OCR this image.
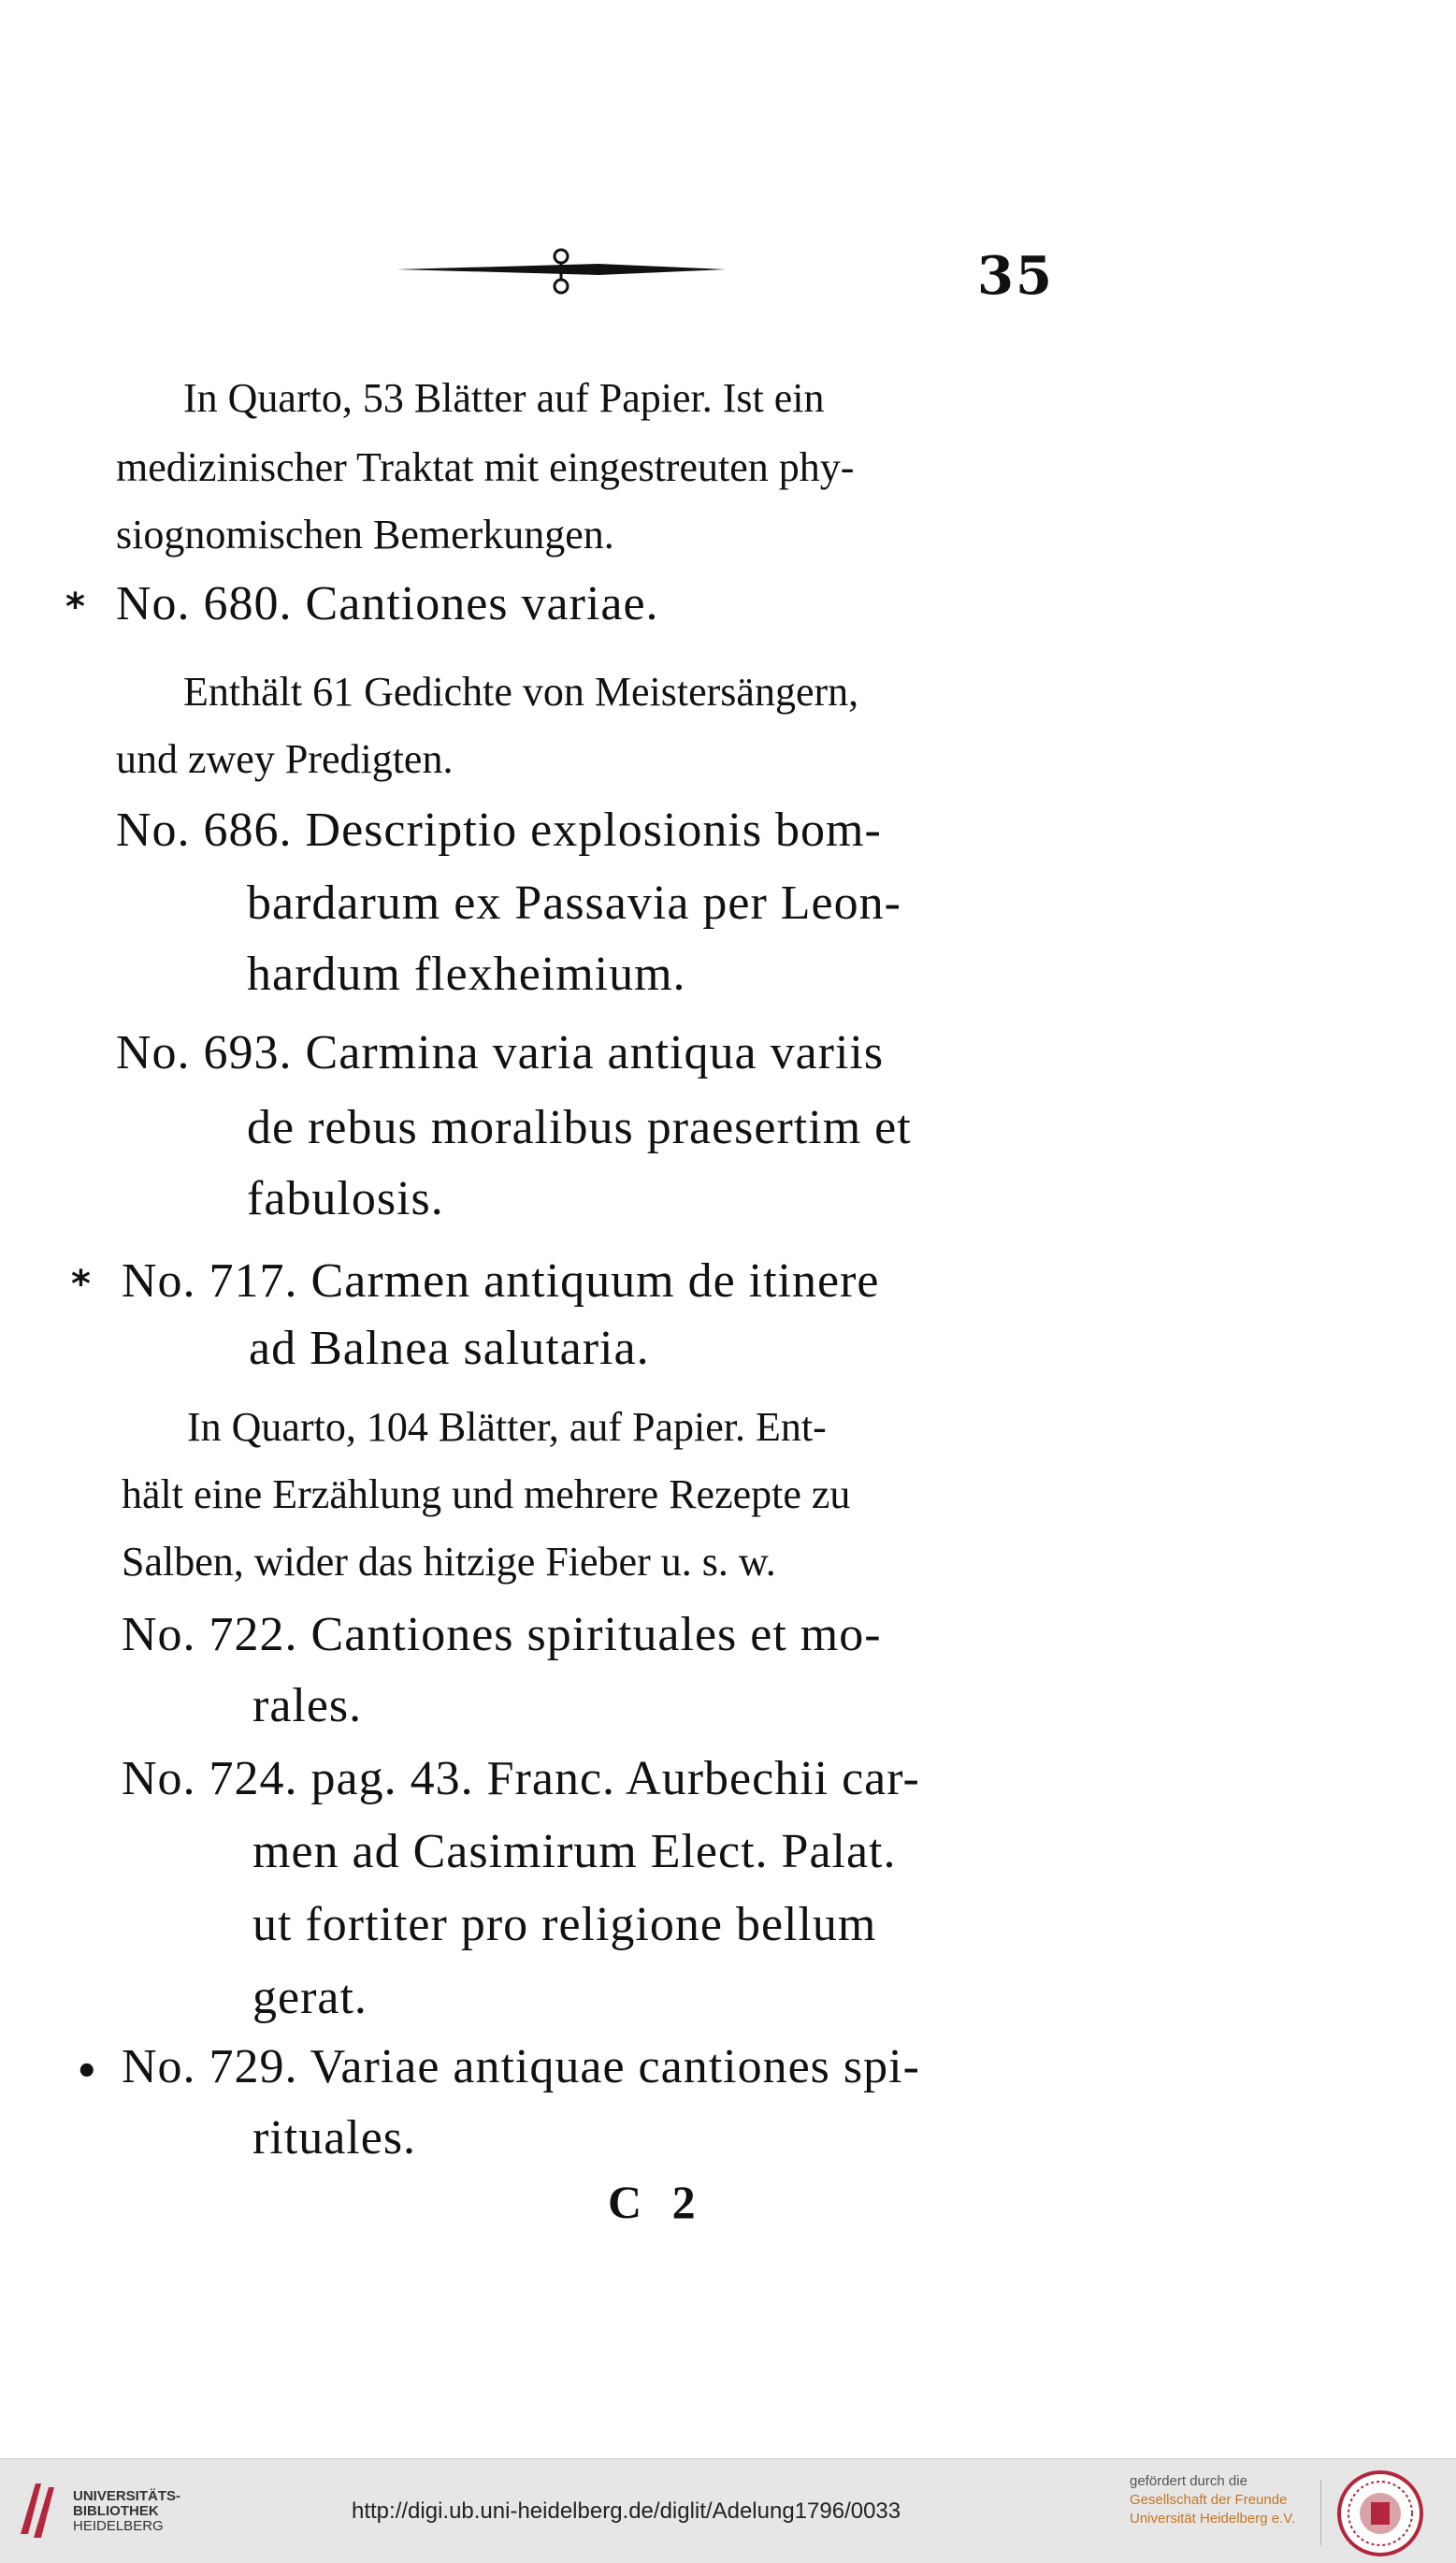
35
In Quarto, 53 Blätter auf Papier. Ist ein
medizinischer Traktat mit eingestreuten phy-
siognomischen Bemerkungen.
* No. 680. Cantiones variae.
Enthält 61 Gedichte von Meistersängern,
und zwey Predigten.
No. 686. Descriptio explosionis bom-
bardarum ex Passavia per Leon-
hardum flexheimium.
No. 693. Carmina varia antiqua variis
de rebus moralibus praesertim et
fabulosis.
* No. 717. Carmen antiquum de itinere
ad Balnea salutaria.
In Quarto, 104 Blätter, auf Papier. Ent-
hält eine Erzählung und mehrere Rezepte zu
Salben, wider das hitzige Fieber u. s. w.
No. 722. Cantiones spirituales et mo-
rales.
No. 724. pag. 43. Franc. Aurbechii car-
men ad Casimirum Elect. Palat.
ut fortiter pro religione bellum
gerat.
• No. 729. Variae antiquae cantiones spi-
rituales.
C 2
UNIVERSITÄTS-
BIBLIOTHEK
HEIDELBERG
http://digi.ub.uni-heidelberg.de/diglit/Adelung1796/0033
gefördert durch die
Gesellschaft der Freunde
Universität Heidelberg e.V.
